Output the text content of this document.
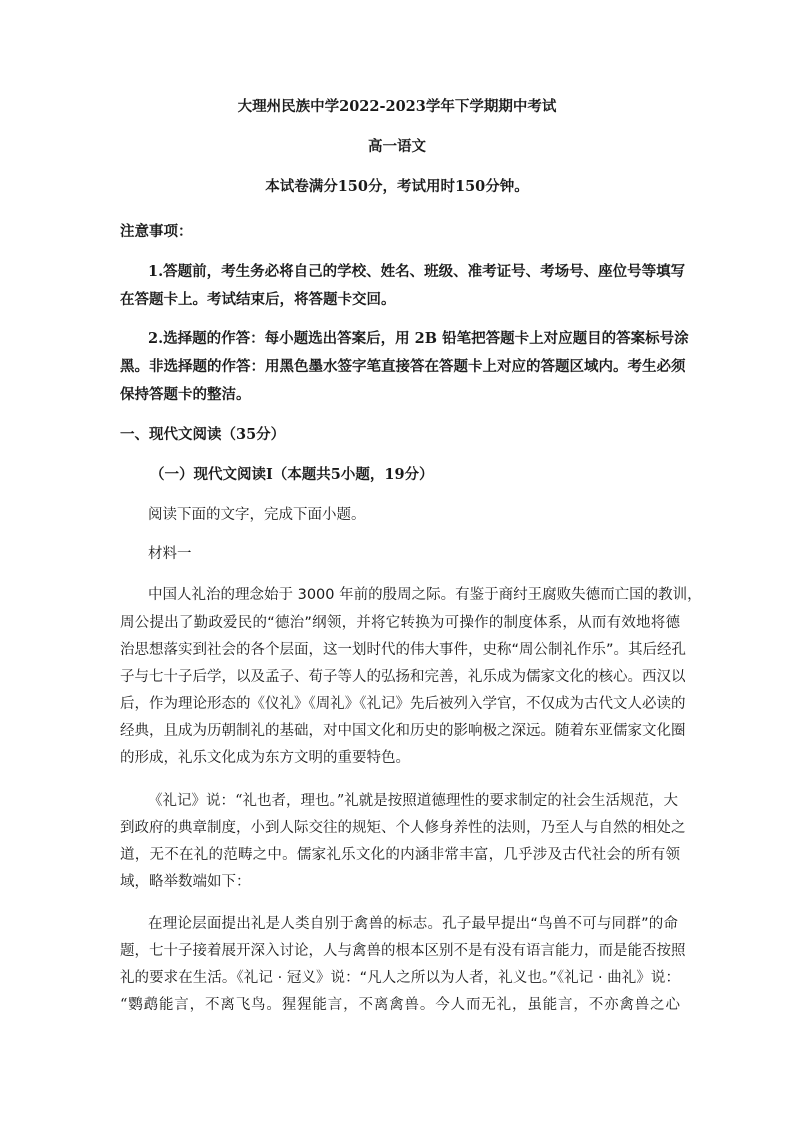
大理州民族中学2022-2023学年下学期期中考试
高一语文
本试卷满分150分，考试用时150分钟。
注意事项：
1.答题前，考生务必将自己的学校、姓名、班级、准考证号、考场号、座位号等填写
在答题卡上。考试结束后，将答题卡交回。
2.选择题的作答：每小题选出答案后，用 2B 铅笔把答题卡上对应题目的答案标号涂
黑。非选择题的作答：用黑色墨水签字笔直接答在答题卡上对应的答题区域内。考生必须
保持答题卡的整洁。
一、现代文阅读（35分）
（一）现代文阅读Ⅰ（本题共5小题，19分）
阅读下面的文字，完成下面小题。
材料一
中国人礼治的理念始于 3000 年前的殷周之际。有鉴于商纣王腐败失德而亡国的教训，
周公提出了勤政爱民的“德治”纲领，并将它转换为可操作的制度体系，从而有效地将德
治思想落实到社会的各个层面，这一划时代的伟大事件，史称“周公制礼作乐”。其后经孔
子与七十子后学，以及孟子、荀子等人的弘扬和完善，礼乐成为儒家文化的核心。西汉以
后，作为理论形态的《仪礼》《周礼》《礼记》先后被列入学官，不仅成为古代文人必读的
经典，且成为历朝制礼的基础，对中国文化和历史的影响极之深远。随着东亚儒家文化圈
的形成，礼乐文化成为东方文明的重要特色。
《礼记》说：“礼也者，理也。”礼就是按照道德理性的要求制定的社会生活规范，大
到政府的典章制度，小到人际交往的规矩、个人修身养性的法则，乃至人与自然的相处之
道，无不在礼的范畴之中。儒家礼乐文化的内涵非常丰富，几乎涉及古代社会的所有领
域，略举数端如下：
在理论层面提出礼是人类自别于禽兽的标志。孔子最早提出“鸟兽不可与同群”的命
题，七十子接着展开深入讨论，人与禽兽的根本区别不是有没有语言能力，而是能否按照
礼的要求在生活。《礼记 · 冠义》说：“凡人之所以为人者，礼义也。”《礼记 · 曲礼》说：
“鹦鹉能言，不离飞鸟。猩猩能言，不离禽兽。今人而无礼，虽能言，不亦禽兽之心
